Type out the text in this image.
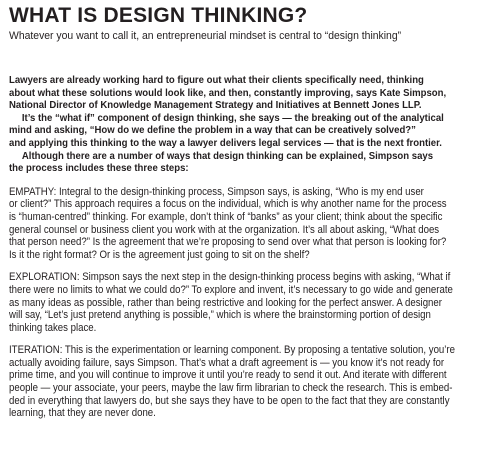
WHAT IS DESIGN THINKING?
Whatever you want to call it, an entrepreneurial mindset is central to “design thinking”

Lawyers are already working hard to figure out what their clients specifically need, thinking
about what these solutions would look like, and then, constantly improving, says Kate Simpson,
National Director of Knowledge Management Strategy and Initiatives at Bennett Jones LLP.

It’s the “what if” component of design thinking, she says — the breaking out of the analytical
mind and asking, “How do we define the problem in a way that can be creatively solved?”
and applying this thinking to the way a lawyer delivers legal services — that is the next frontier.

Although there are a number of ways that design thinking can be explained, Simpson says
the process includes these three steps:

EMPATHY: Integral to the design-thinking process, Simpson says, is asking, “Who is my end user
or client?” This approach requires a focus on the individual, which is why another name for the process
is “human-centred” thinking. For example, don’t think of “banks” as your client; think about the specific
general counsel or business client you work with at the organization. It’s all about asking, “What does
that person need?” Is the agreement that we’re proposing to send over what that person is looking for?
Is it the right format? Or is the agreement just going to sit on the shelf?
EXPLORATION: Simpson says the next step in the design-thinking process begins with asking, “What if
there were no limits to what we could do?” To explore and invent, it’s necessary to go wide and generate
as many ideas as possible, rather than being restrictive and looking for the perfect answer. A designer
will say, “Let’s just pretend anything is possible,” which is where the brainstorming portion of design
thinking takes place.
ITERATION: This is the experimentation or learning component. By proposing a tentative solution, you’re
actually avoiding failure, says Simpson. That’s what a draft agreement is — you know it’s not ready for
prime time, and you will continue to improve it until you’re ready to send it out. And iterate with different
people — your associate, your peers, maybe the law firm librarian to check the research. This is embed-
ded in everything that lawyers do, but she says they have to be open to the fact that they are constantly
learning, that they are never done.
